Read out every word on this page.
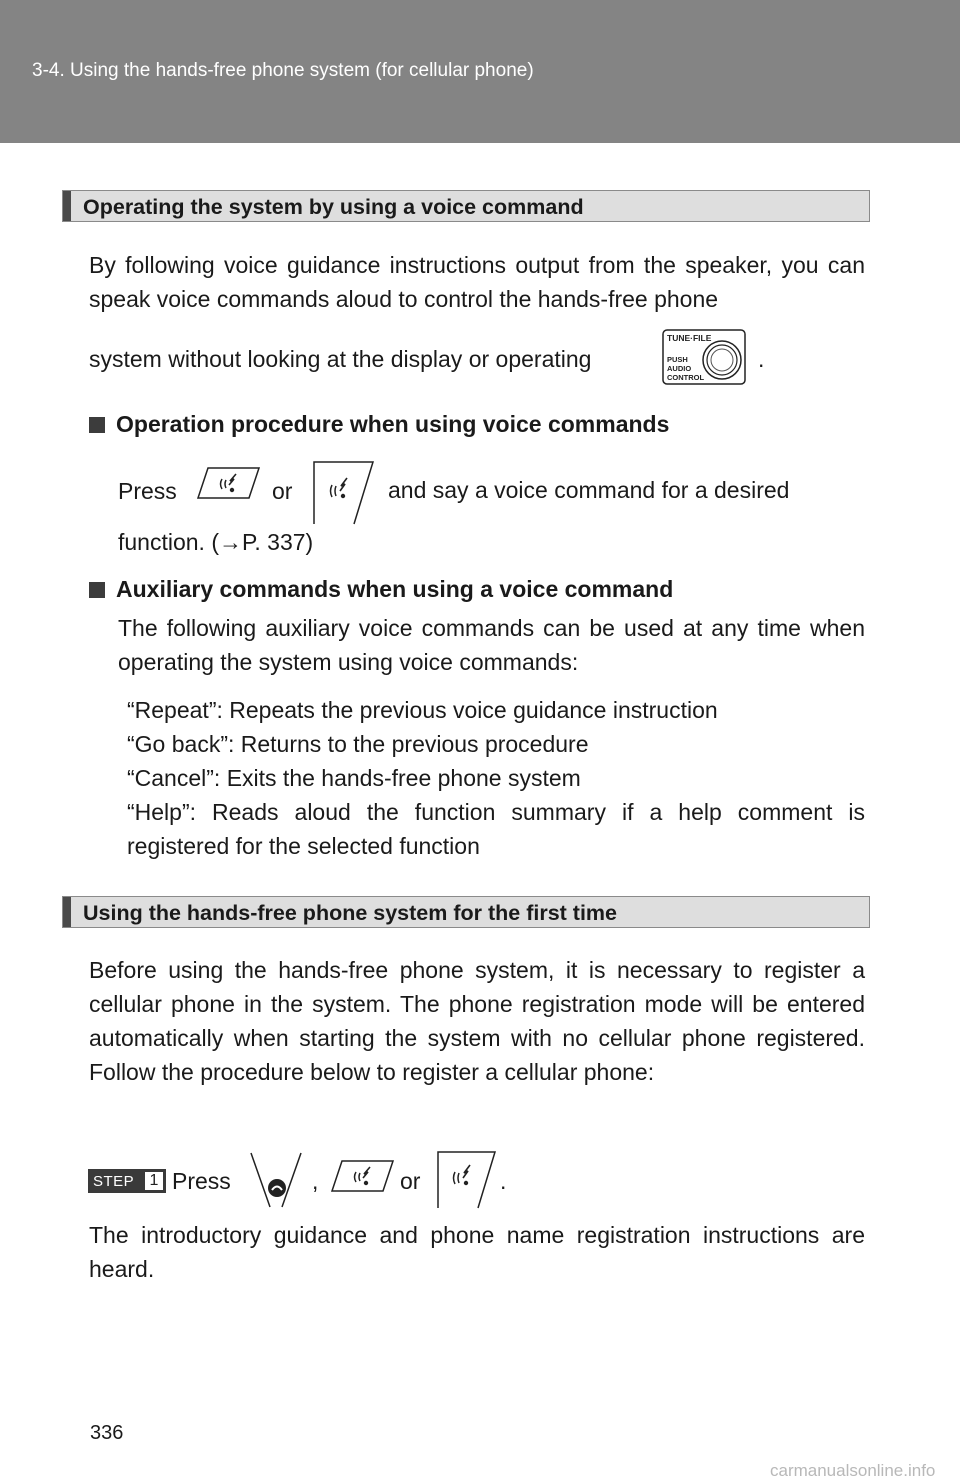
3-4. Using the hands-free phone system (for cellular phone)
Operating the system by using a voice command
By following voice guidance instructions output from the speaker, you can speak voice commands aloud to control the hands-free phone
system without looking at the display or operating
TUNE·FILE
PUSH
AUDIO
CONTROL
.
Operation procedure when using voice commands
Press	or	and say a voice command for a desired
function. (→P. 337)
Auxiliary commands when using a voice command
The following auxiliary voice commands can be used at any time when operating the system using voice commands:
“Repeat”: Repeats the previous voice guidance instruction
“Go back”: Returns to the previous procedure
“Cancel”: Exits the hands-free phone system
“Help”: Reads aloud the function summary if a help comment is registered for the selected function
Using the hands-free phone system for the first time
Before using the hands-free phone system, it is necessary to register a cellular phone in the system. The phone registration mode will be entered automatically when starting the system with no cellular phone registered. Follow the procedure below to register a cellular phone:
STEP 1 Press	,	or	.
The introductory guidance and phone name registration instructions are heard.
336
carmanualsonline.info
